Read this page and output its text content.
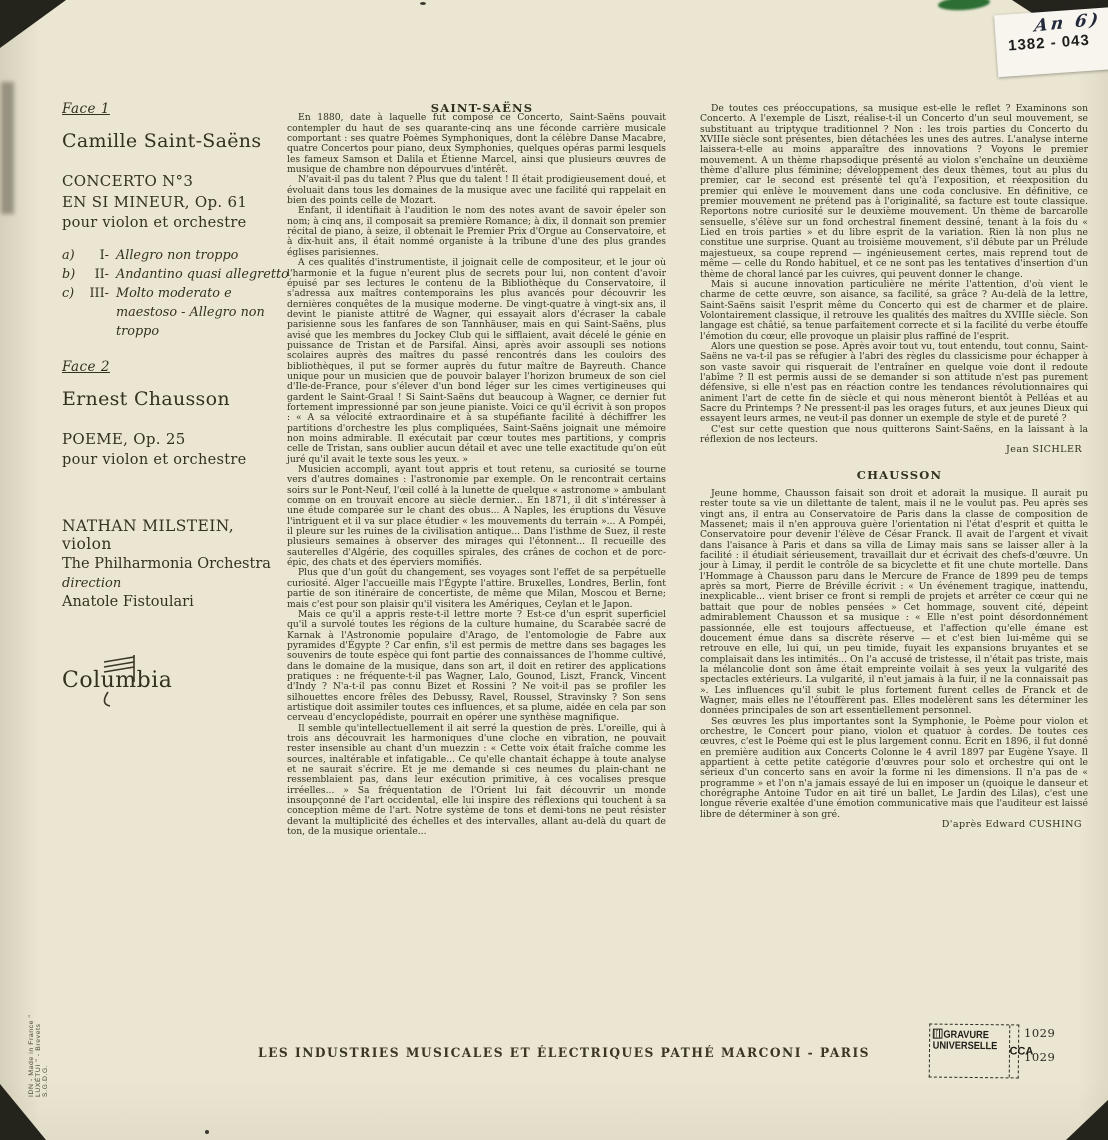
An 6)
1382 - 043
Face 1
Camille Saint-Saëns
CONCERTO N°3
EN SI MINEUR, Op. 61
pour violon et orchestre
a)	I- Allegro non troppo
b)	II- Andantino quasi allegretto
c)	III- Molto moderato e maestoso - Allegro non troppo
Face 2
Ernest Chausson
POEME, Op. 25
pour violon et orchestre
NATHAN MILSTEIN, violon
The Philharmonia Orchestra
direction
Anatole Fistoulari
Columbia

SAINT-SAËNS

En 1880, date à laquelle fut composé ce Concerto, Saint-Saëns pouvait contempler du haut de ses quarante-cinq ans une féconde carrière musicale comportant : ses quatre Poèmes Symphoniques, dont la célèbre Danse Macabre, quatre Concertos pour piano, deux Symphonies, quelques opéras parmi lesquels les fameux Samson et Dalila et Étienne Marcel, ainsi que plusieurs œuvres de musique de chambre non dépourvues d'intérêt.

N'avait-il pas du talent ? Plus que du talent ! Il était prodigieusement doué, et évoluait dans tous les domaines de la musique avec une facilité qui rappelait en bien des points celle de Mozart.

Enfant, il identifiait à l'audition le nom des notes avant de savoir épeler son nom; à cinq ans, il composait sa première Romance; à dix, il donnait son premier récital de piano, à seize, il obtenait le Premier Prix d'Orgue au Conservatoire, et à dix-huit ans, il était nommé organiste à la tribune d'une des plus grandes églises parisiennes.

A ces qualités d'instrumentiste, il joignait celle de compositeur, et le jour où l'harmonie et la fugue n'eurent plus de secrets pour lui, non content d'avoir épuisé par ses lectures le contenu de la Bibliothèque du Conservatoire, il s'adressa aux maîtres contemporains les plus avancés pour découvrir les dernières conquêtes de la musique moderne. De vingt-quatre à vingt-six ans, il devint le pianiste attitré de Wagner, qui essayait alors d'écraser la cabale parisienne sous les fanfares de son Tannhäuser, mais en qui Saint-Saëns, plus avisé que les membres du Jockey Club qui le sifflaient, avait décelé le génie en puissance de Tristan et de Parsifal. Ainsi, après avoir assoupli ses notions scolaires auprès des maîtres du passé rencontrés dans les couloirs des bibliothèques, il put se former auprès du futur maître de Bayreuth. Chance unique pour un musicien que de pouvoir balayer l'horizon brumeux de son ciel d'Ile-de-France, pour s'élever d'un bond léger sur les cimes vertigineuses qui gardent le Saint-Graal ! Si Saint-Saëns dut beaucoup à Wagner, ce dernier fut fortement impressionné par son jeune pianiste. Voici ce qu'il écrivit à son propos : « A sa vélocité extraordinaire et à sa stupéfiante facilité à déchiffrer les partitions d'orchestre les plus compliquées, Saint-Saëns joignait une mémoire non moins admirable. Il exécutait par cœur toutes mes partitions, y compris celle de Tristan, sans oublier aucun détail et avec une telle exactitude qu'on eût juré qu'il avait le texte sous les yeux. »

Musicien accompli, ayant tout appris et tout retenu, sa curiosité se tourne vers d'autres domaines : l'astronomie par exemple. On le rencontrait certains soirs sur le Pont-Neuf, l'œil collé à la lunette de quelque « astronome » ambulant comme on en trouvait encore au siècle dernier... En 1871, il dit s'intéresser à une étude comparée sur le chant des obus... A Naples, les éruptions du Vésuve l'intriguent et il va sur place étudier « les mouvements du terrain »... A Pompéi, il pleure sur les ruines de la civilisation antique... Dans l'isthme de Suez, il reste plusieurs semaines à observer des mirages qui l'étonnent... Il recueille des sauterelles d'Algérie, des coquilles spirales, des crânes de cochon et de porc-épic, des chats et des éperviers momifiés.

Plus que d'un goût du changement, ses voyages sont l'effet de sa perpétuelle curiosité. Alger l'accueille mais l'Égypte l'attire. Bruxelles, Londres, Berlin, font partie de son itinéraire de concertiste, de même que Milan, Moscou et Berne; mais c'est pour son plaisir qu'il visitera les Amériques, Ceylan et le Japon.

Mais ce qu'il a appris reste-t-il lettre morte ? Est-ce d'un esprit superficiel qu'il a survolé toutes les régions de la culture humaine, du Scarabée sacré de Karnak à l'Astronomie populaire d'Arago, de l'entomologie de Fabre aux pyramides d'Égypte ? Car enfin, s'il est permis de mettre dans ses bagages les souvenirs de toute espèce qui font partie des connaissances de l'homme cultivé, dans le domaine de la musique, dans son art, il doit en retirer des applications pratiques : ne fréquente-t-il pas Wagner, Lalo, Gounod, Liszt, Franck, Vincent d'Indy ? N'a-t-il pas connu Bizet et Rossini ? Ne voit-il pas se profiler les silhouettes encore frêles des Debussy, Ravel, Roussel, Stravinsky ? Son sens artistique doit assimiler toutes ces influences, et sa plume, aidée en cela par son cerveau d'encyclopédiste, pourrait en opérer une synthèse magnifique.

Il semble qu'intellectuellement il ait serré la question de près. L'oreille, qui à trois ans découvrait les harmoniques d'une cloche en vibration, ne pouvait rester insensible au chant d'un muezzin : « Cette voix était fraîche comme les sources, inaltérable et infatigable... Ce qu'elle chantait échappe à toute analyse et ne saurait s'écrire. Et je me demande si ces neumes du plain-chant ne ressemblaient pas, dans leur exécution primitive, à ces vocalises presque irréelles... » Sa fréquentation de l'Orient lui fait découvrir un monde insoupçonné de l'art occidental, elle lui inspire des réflexions qui touchent à sa conception même de l'art. Notre système de tons et demi-tons ne peut résister devant la multiplicité des échelles et des intervalles, allant au-delà du quart de ton, de la musique orientale...

De toutes ces préoccupations, sa musique est-elle le reflet ? Examinons son Concerto. A l'exemple de Liszt, réalise-t-il un Concerto d'un seul mouvement, se substituant au triptyque traditionnel ? Non : les trois parties du Concerto du XVIIIe siècle sont présentes, bien détachées les unes des autres. L'analyse interne laissera-t-elle au moins apparaître des innovations ? Voyons le premier mouvement. A un thème rhapsodique présenté au violon s'enchaîne un deuxième thème d'allure plus féminine; développement des deux thèmes, tout au plus du premier, car le second est présenté tel qu'à l'exposition, et réexposition du premier qui enlève le mouvement dans une coda conclusive. En définitive, ce premier mouvement ne prétend pas à l'originalité, sa facture est toute classique. Reportons notre curiosité sur le deuxième mouvement. Un thème de barcarolle sensuelle, s'élève sur un fond orchestral finement dessiné, tenant à la fois du « Lied en trois parties » et du libre esprit de la variation. Rien là non plus ne constitue une surprise. Quant au troisième mouvement, s'il débute par un Prélude majestueux, sa coupe reprend — ingénieusement certes, mais reprend tout de même — celle du Rondo habituel, et ce ne sont pas les tentatives d'insertion d'un thème de choral lancé par les cuivres, qui peuvent donner le change.

Mais si aucune innovation particulière ne mérite l'attention, d'où vient le charme de cette œuvre, son aisance, sa facilité, sa grâce ? Au-delà de la lettre, Saint-Saëns saisit l'esprit même du Concerto qui est de charmer et de plaire. Volontairement classique, il retrouve les qualités des maîtres du XVIIIe siècle. Son langage est châtié, sa tenue parfaitement correcte et si la facilité du verbe étouffe l'émotion du cœur, elle provoque un plaisir plus raffiné de l'esprit.

Alors une question se pose. Après avoir tout vu, tout entendu, tout connu, Saint-Saëns ne va-t-il pas se réfugier à l'abri des règles du classicisme pour échapper à son vaste savoir qui risquerait de l'entraîner en quelque voie dont il redoute l'abîme ? Il est permis aussi de se demander si son attitude n'est pas purement défensive, si elle n'est pas en réaction contre les tendances révolutionnaires qui animent l'art de cette fin de siècle et qui nous mèneront bientôt à Pelléas et au Sacre du Printemps ? Ne pressent-il pas les orages futurs, et aux jeunes Dieux qui essayent leurs armes, ne veut-il pas donner un exemple de style et de pureté ?

C'est sur cette question que nous quitterons Saint-Saëns, en la laissant à la réflexion de nos lecteurs.

Jean SICHLER

CHAUSSON

Jeune homme, Chausson faisait son droit et adorait la musique. Il aurait pu rester toute sa vie un dilettante de talent, mais il ne le voulut pas. Peu après ses vingt ans, il entra au Conservatoire de Paris dans la classe de composition de Massenet; mais il n'en approuva guère l'orientation ni l'état d'esprit et quitta le Conservatoire pour devenir l'élève de César Franck. Il avait de l'argent et vivait dans l'aisance à Paris et dans sa villa de Limay mais sans se laisser aller à la facilité : il étudiait sérieusement, travaillait dur et écrivait des chefs-d'œuvre. Un jour à Limay, il perdit le contrôle de sa bicyclette et fit une chute mortelle. Dans l'Hommage à Chausson paru dans le Mercure de France de 1899 peu de temps après sa mort, Pierre de Bréville écrivit : « Un événement tragique, inattendu, inexplicable... vient briser ce front si rempli de projets et arrêter ce cœur qui ne battait que pour de nobles pensées » Cet hommage, souvent cité, dépeint admirablement Chausson et sa musique : « Elle n'est point désordonnément passionnée, elle est toujours affectueuse, et l'affection qu'elle émane est doucement émue dans sa discrète réserve — et c'est bien lui-même qui se retrouve en elle, lui qui, un peu timide, fuyait les expansions bruyantes et se complaisait dans les intimités... On l'a accusé de tristesse, il n'était pas triste, mais la mélancolie dont son âme était empreinte voilait à ses yeux la vulgarité des spectacles extérieurs. La vulgarité, il n'eut jamais à la fuir, il ne la connaissait pas ». Les influences qu'il subit le plus fortement furent celles de Franck et de Wagner, mais elles ne l'étouffèrent pas. Elles modelèrent sans les déterminer les données principales de son art essentiellement personnel.

Ses œuvres les plus importantes sont la Symphonie, le Poème pour violon et orchestre, le Concert pour piano, violon et quatuor à cordes. De toutes ces œuvres, c'est le Poème qui est le plus largement connu. Écrit en 1896, il fut donné en première audition aux Concerts Colonne le 4 avril 1897 par Eugène Ysaye. Il appartient à cette petite catégorie d'œuvres pour solo et orchestre qui ont le sérieux d'un concerto sans en avoir la forme ni les dimensions. Il n'a pas de « programme » et l'on n'a jamais essayé de lui en imposer un (quoique le danseur et chorégraphe Antoine Tudor en ait tiré un ballet, Le Jardin des Lilas), c'est une longue rêverie exaltée d'une émotion communicative mais que l'auditeur est laissé libre de déterminer à son gré.

D'après Edward CUSHING

LES INDUSTRIES MUSICALES ET ÉLECTRIQUES PATHÉ MARCONI - PARIS
IDN - Made in France " LUXÉTUI " - Brevets S.G.D.G.
GRAVURE
UNIVERSELLE CCA
1029
1029
